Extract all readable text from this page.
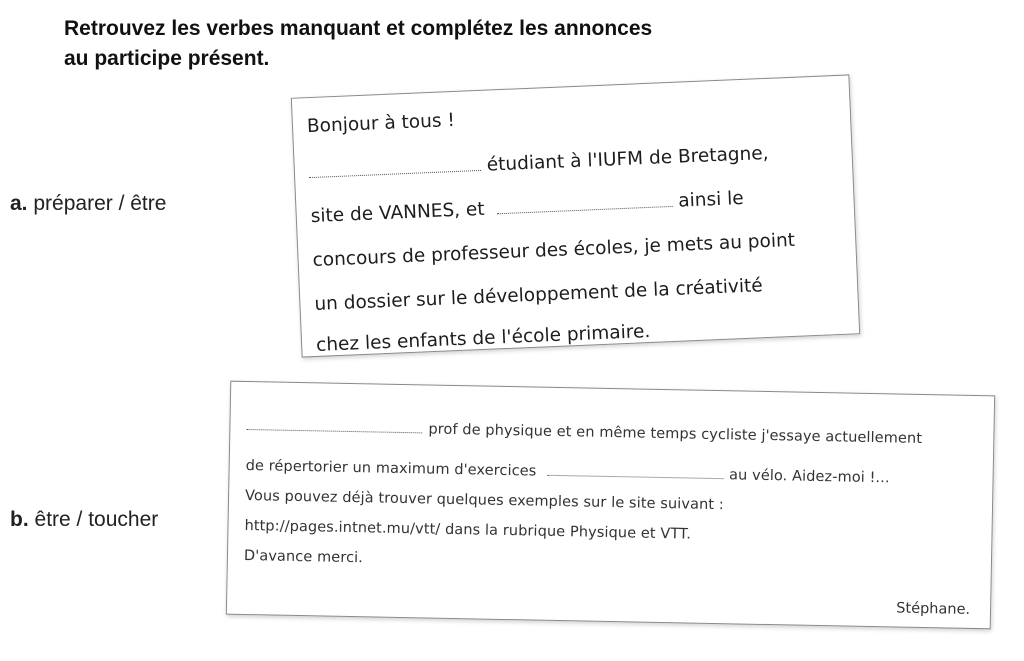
Retrouvez les verbes manquant et complétez les annonces
au participe présent.
a. préparer / être
b. être / toucher
Bonjour à tous !
étudiant à l'IUFM de Bretagne,
site de VANNES, et	ainsi le
concours de professeur des écoles, je mets au point
un dossier sur le développement de la créativité
chez les enfants de l'école primaire.
prof de physique et en même temps cycliste j'essaye actuellement
de répertorier un maximum d'exercices	au vélo. Aidez-moi !...
Vous pouvez déjà trouver quelques exemples sur le site suivant :
http://pages.intnet.mu/vtt/ dans la rubrique Physique et VTT.
D'avance merci.
Stéphane.
